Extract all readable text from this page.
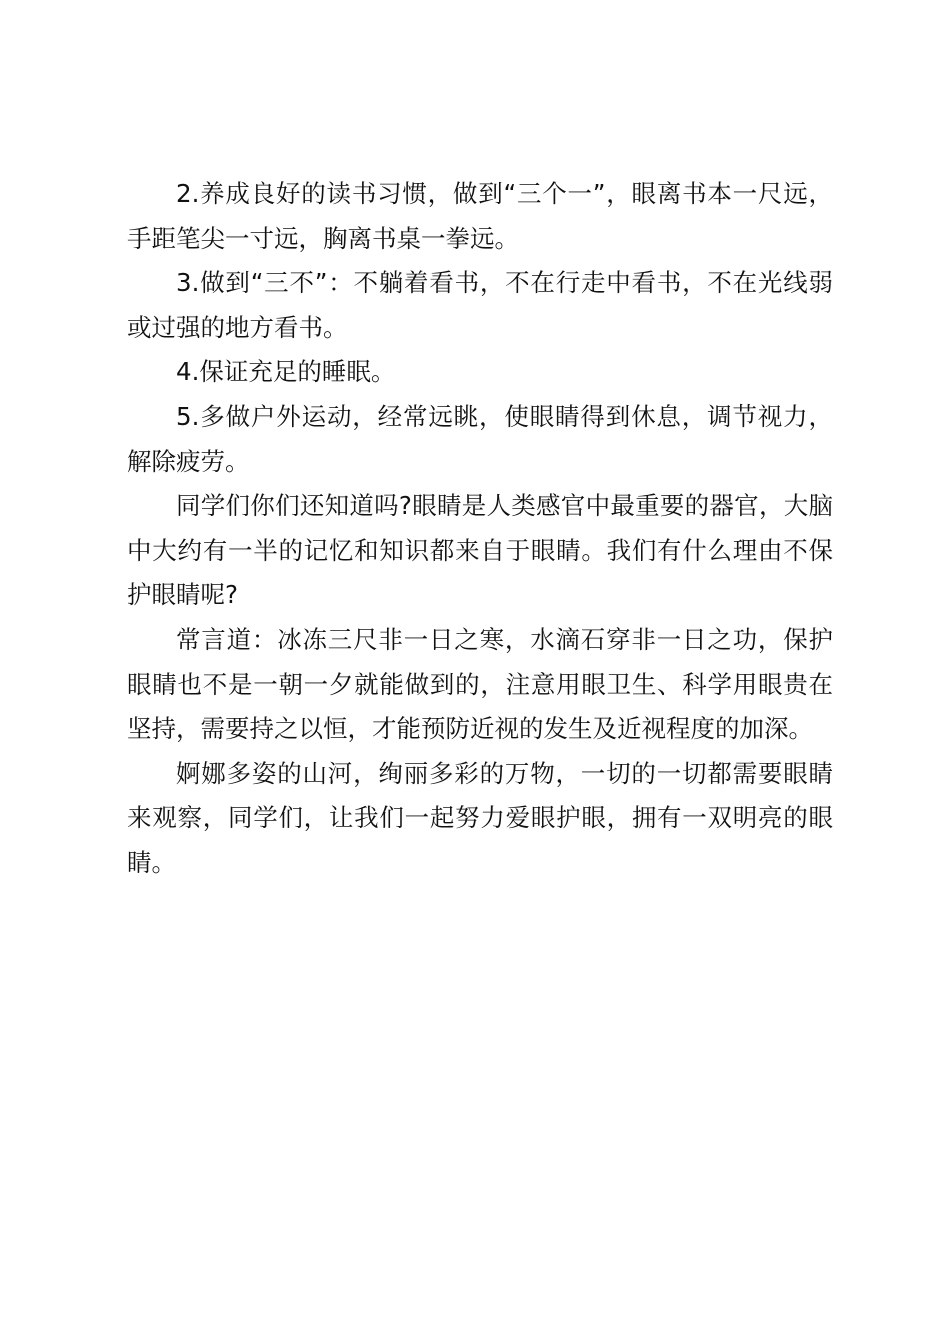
2.养成良好的读书习惯，做到“三个一”，眼离书本一尺远，手距笔尖一寸远，胸离书桌一拳远。

3.做到“三不”：不躺着看书，不在行走中看书，不在光线弱或过强的地方看书。

4.保证充足的睡眠。

5.多做户外运动，经常远眺，使眼睛得到休息，调节视力，解除疲劳。

同学们你们还知道吗?眼睛是人类感官中最重要的器官，大脑中大约有一半的记忆和知识都来自于眼睛。我们有什么理由不保护眼睛呢?

常言道：冰冻三尺非一日之寒，水滴石穿非一日之功，保护眼睛也不是一朝一夕就能做到的，注意用眼卫生、科学用眼贵在坚持，需要持之以恒，才能预防近视的发生及近视程度的加深。

婀娜多姿的山河，绚丽多彩的万物，一切的一切都需要眼睛来观察，同学们，让我们一起努力爱眼护眼，拥有一双明亮的眼睛。
